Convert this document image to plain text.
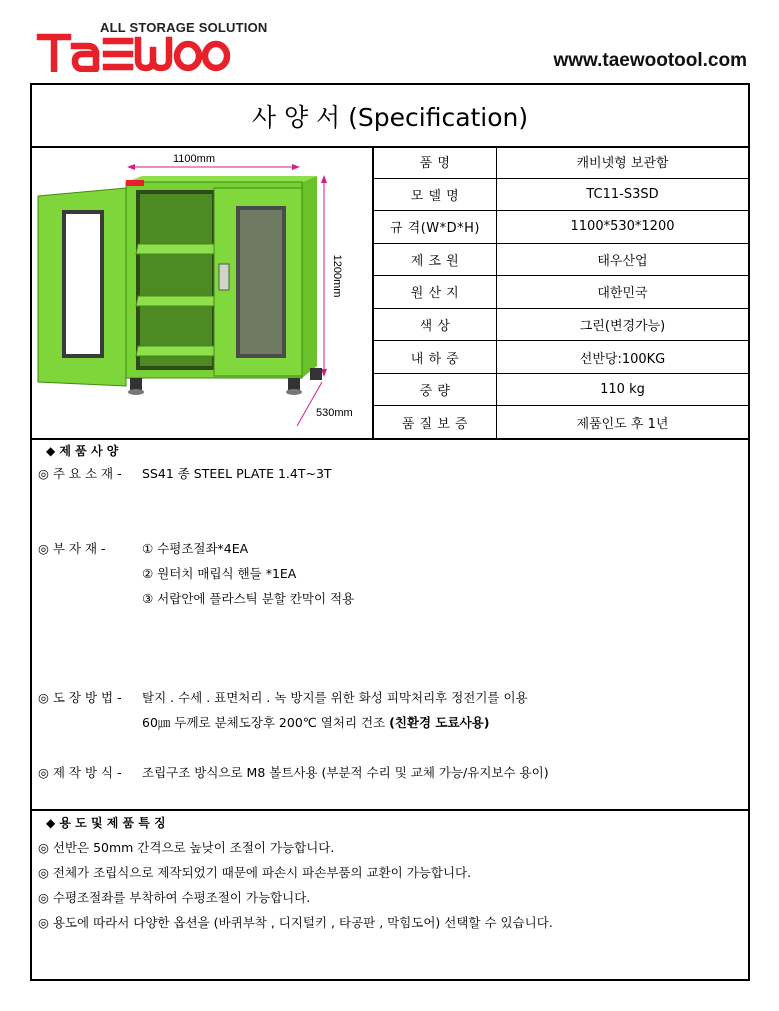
ALL STORAGE SOLUTION
www.taewootool.com
사 양 서 (Specification)
1100mm
1200mm
530mm
품 명	캐비넷형 보관함
모 델 명	TC11-S3SD
규 격(W*D*H)	1100*530*1200
제 조 원	태우산업
원 산 지	대한민국
색 상	그린(변경가능)
내 하 중	선반당:100KG
중 량	110 kg
품 질 보 증	제품인도 후 1년
◆ 제 품 사 양
◎ 주 요 소 재 - SS41 종 STEEL PLATE 1.4T~3T
◎ 부 자 재 -	① 수평조절좌*4EA
② 원터치 매립식 핸들 *1EA
③ 서랍안에 플라스틱 분할 칸막이 적용
◎ 도 장 방 법 - 탈지 . 수세 . 표면처리 . 녹 방지를 위한 화성 피막처리후 정전기를 이용
60㎛ 두께로 분체도장후 200℃ 열처리 건조 (친환경 도료사용)
◎ 제 작 방 식 - 조립구조 방식으로 M8 볼트사용 (부분적 수리 및 교체 가능/유지보수 용이)
◆ 용 도 및 제 품 특 징
◎ 선반은 50mm 간격으로 높낮이 조절이 가능합니다.
◎ 전체가 조립식으로 제작되었기 때문에 파손시 파손부품의 교환이 가능합니다.
◎ 수평조절좌를 부착하여 수평조절이 가능합니다.
◎ 용도에 따라서 다양한 옵션을 (바퀴부착 , 디지털키 , 타공판 , 막힘도어) 선택할 수 있습니다.
